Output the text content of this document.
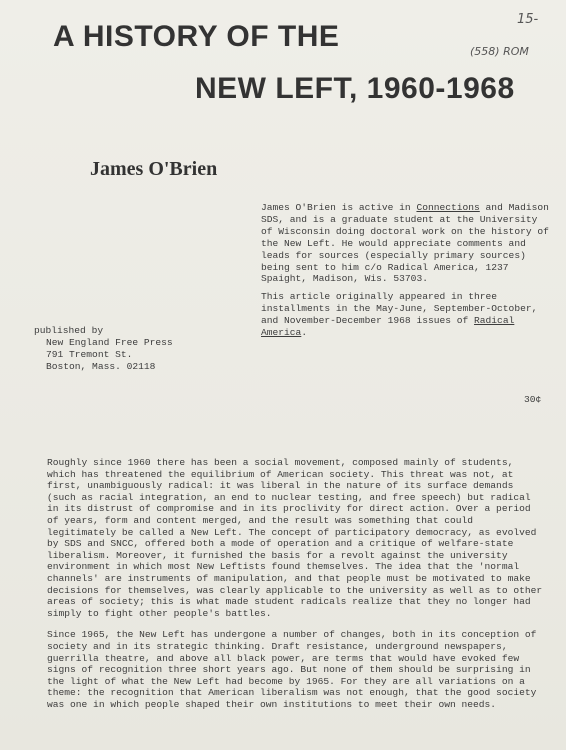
15-
(558) ROM
A HISTORY OF THE
NEW LEFT, 1960-1968
James O'Brien

James O'Brien is active in Connections and Madison SDS, and is a graduate student at the University of Wisconsin doing doctoral work on the history of the New Left. He would appreciate comments and leads for sources (especially primary sources) being sent to him c/o Radical America, 1237 Spaight, Madison, Wis. 53703.

This article originally appeared in three installments in the May-June, September-October, and November-December 1968 issues of Radical America.

published by
New England Free Press
791 Tremont St.
Boston, Mass. 02118
30¢

Roughly since 1960 there has been a social movement, composed mainly of students, which has threatened the equilibrium of American society. This threat was not, at first, unambiguously radical: it was liberal in the nature of its surface demands (such as racial integration, an end to nuclear testing, and free speech) but radical in its distrust of compromise and in its proclivity for direct action. Over a period of years, form and content merged, and the result was something that could legitimately be called a New Left. The concept of participatory democracy, as evolved by SDS and SNCC, offered both a mode of operation and a critique of welfare-state liberalism. Moreover, it furnished the basis for a revolt against the university environment in which most New Leftists found themselves. The idea that the 'normal channels' are instruments of manipulation, and that people must be motivated to make decisions for themselves, was clearly applicable to the university as well as to other areas of society; this is what made student radicals realize that they no longer had simply to fight other people's battles.

Since 1965, the New Left has undergone a number of changes, both in its conception of society and in its strategic thinking. Draft resistance, underground newspapers, guerrilla theatre, and above all black power, are terms that would have evoked few signs of recognition three short years ago. But none of them should be surprising in the light of what the New Left had become by 1965. For they are all variations on a theme: the recognition that American liberalism was not enough, that the good society was one in which people shaped their own institutions to meet their own needs.
